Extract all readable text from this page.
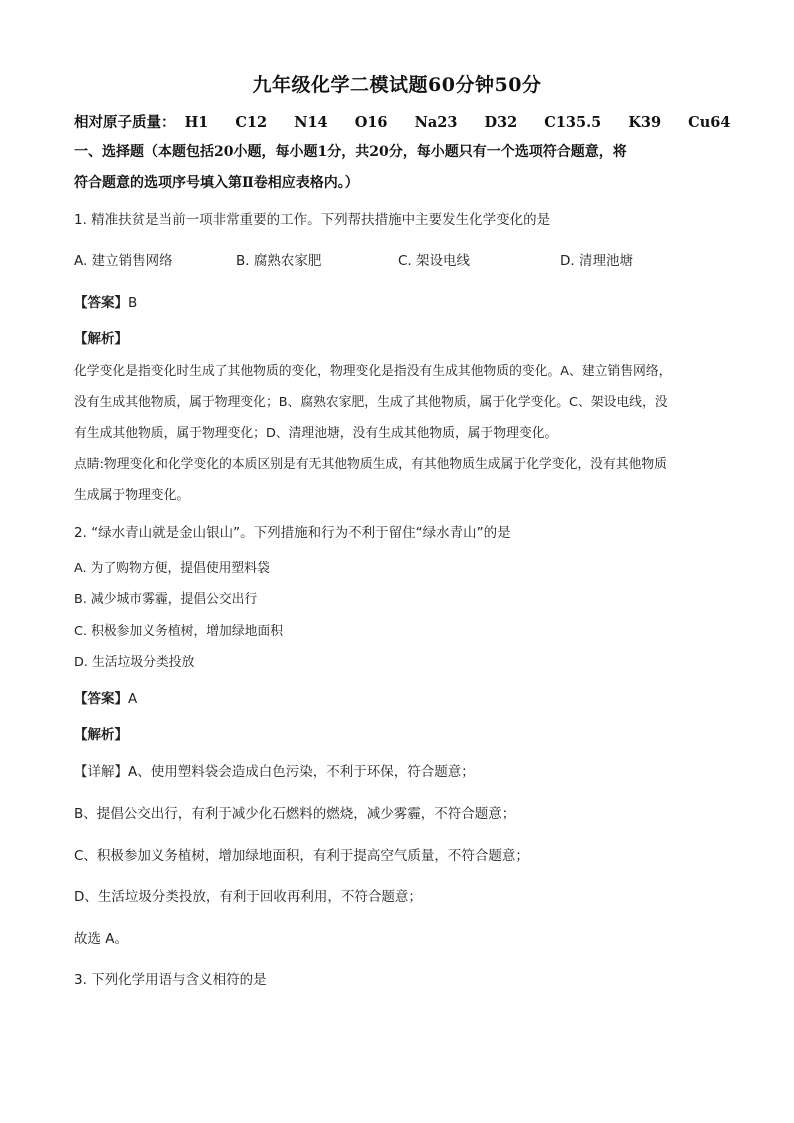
九年级化学二模试题60分钟50分
相对原子质量： H1 C12 N14 O16 Na23 D32 C135.5 K39 Cu64
一、选择题（本题包括20小题，每小题1分，共20分，每小题只有一个选项符合题意，将
符合题意的选项序号填入第Ⅱ卷相应表格内。）
1. 精准扶贫是当前一项非常重要的工作。下列帮扶措施中主要发生化学变化的是
A. 建立销售网络	B. 腐熟农家肥	C. 架设电线	D. 清理池塘
【答案】B
【解析】
化学变化是指变化时生成了其他物质的变化，物理变化是指没有生成其他物质的变化。A、建立销售网络，
没有生成其他物质，属于物理变化；B、腐熟农家肥，生成了其他物质，属于化学变化。C、架设电线，没
有生成其他物质，属于物理变化；D、清理池塘，没有生成其他物质，属于物理变化。
点睛:物理变化和化学变化的本质区别是有无其他物质生成，有其他物质生成属于化学变化，没有其他物质
生成属于物理变化。
2. “绿水青山就是金山银山”。下列措施和行为不利于留住“绿水青山”的是
A. 为了购物方便，提倡使用塑料袋
B. 减少城市雾霾，提倡公交出行
C. 积极参加义务植树，增加绿地面积
D. 生活垃圾分类投放
【答案】A
【解析】
【详解】A、使用塑料袋会造成白色污染，不利于环保，符合题意；
B、提倡公交出行，有利于减少化石燃料的燃烧，减少雾霾，不符合题意；
C、积极参加义务植树，增加绿地面积，有利于提高空气质量，不符合题意；
D、生活垃圾分类投放，有利于回收再利用，不符合题意；
故选 A。
3. 下列化学用语与含义相符的是
